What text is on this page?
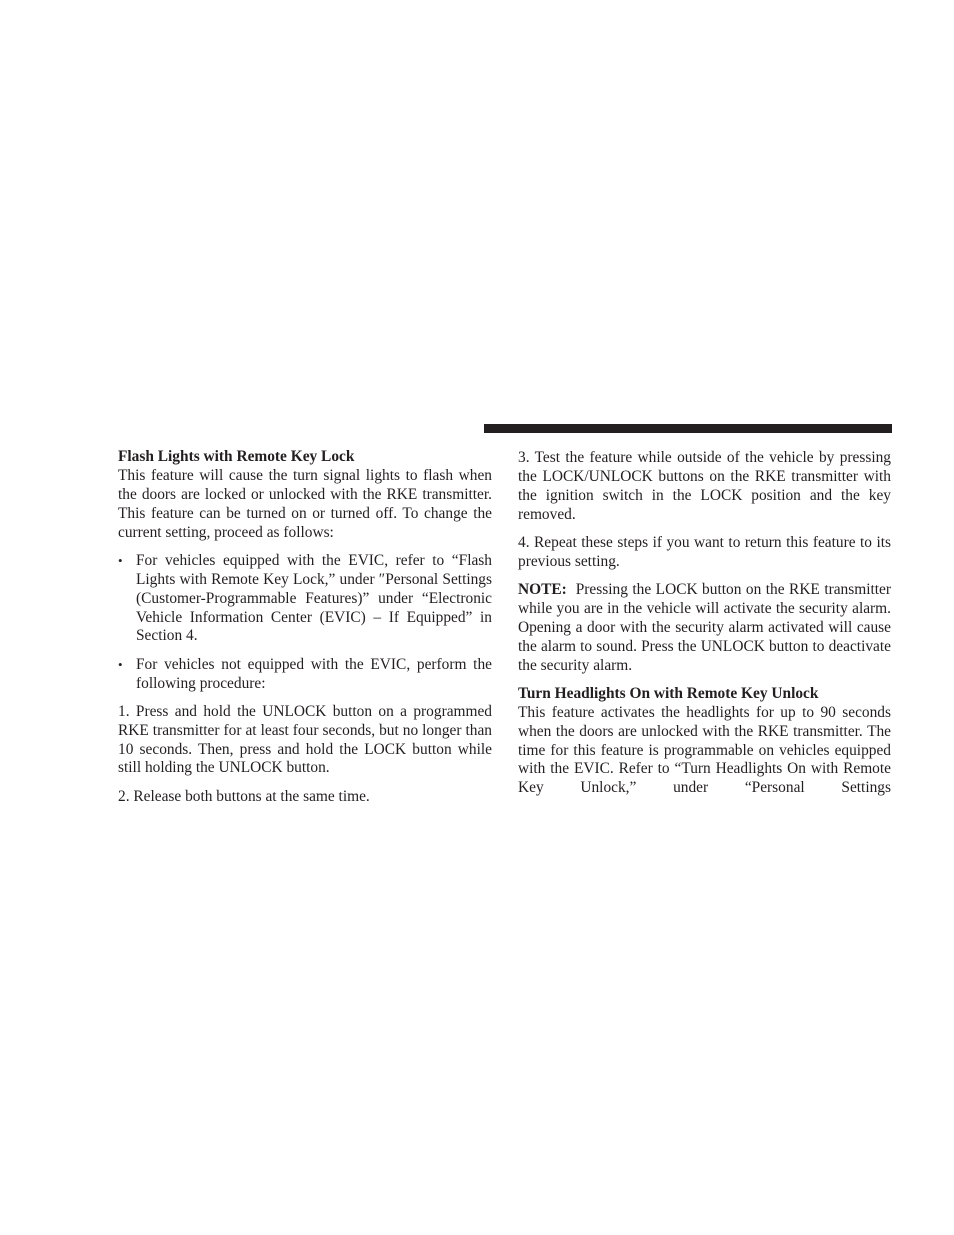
Flash Lights with Remote Key Lock

This feature will cause the turn signal lights to flash when the doors are locked or unlocked with the RKE transmitter. This feature can be turned on or turned off. To change the current setting, proceed as follows:

• For vehicles equipped with the EVIC, refer to “Flash Lights with Remote Key Lock,” under ″Personal Settings (Customer-Programmable Features)” under “Electronic Vehicle Information Center (EVIC) – If Equipped” in Section 4.

• For vehicles not equipped with the EVIC, perform the following procedure:

1. Press and hold the UNLOCK button on a programmed RKE transmitter for at least four seconds, but no longer than 10 seconds. Then, press and hold the LOCK button while still holding the UNLOCK button.

2. Release both buttons at the same time.

3. Test the feature while outside of the vehicle by pressing the LOCK/UNLOCK buttons on the RKE transmitter with the ignition switch in the LOCK position and the key removed.

4. Repeat these steps if you want to return this feature to its previous setting.

NOTE: Pressing the LOCK button on the RKE transmitter while you are in the vehicle will activate the security alarm. Opening a door with the security alarm activated will cause the alarm to sound. Press the UNLOCK button to deactivate the security alarm.

Turn Headlights On with Remote Key Unlock

This feature activates the headlights for up to 90 seconds when the doors are unlocked with the RKE transmitter. The time for this feature is programmable on vehicles equipped with the EVIC. Refer to “Turn Headlights On with Remote Key Unlock,” under “Personal Settings
